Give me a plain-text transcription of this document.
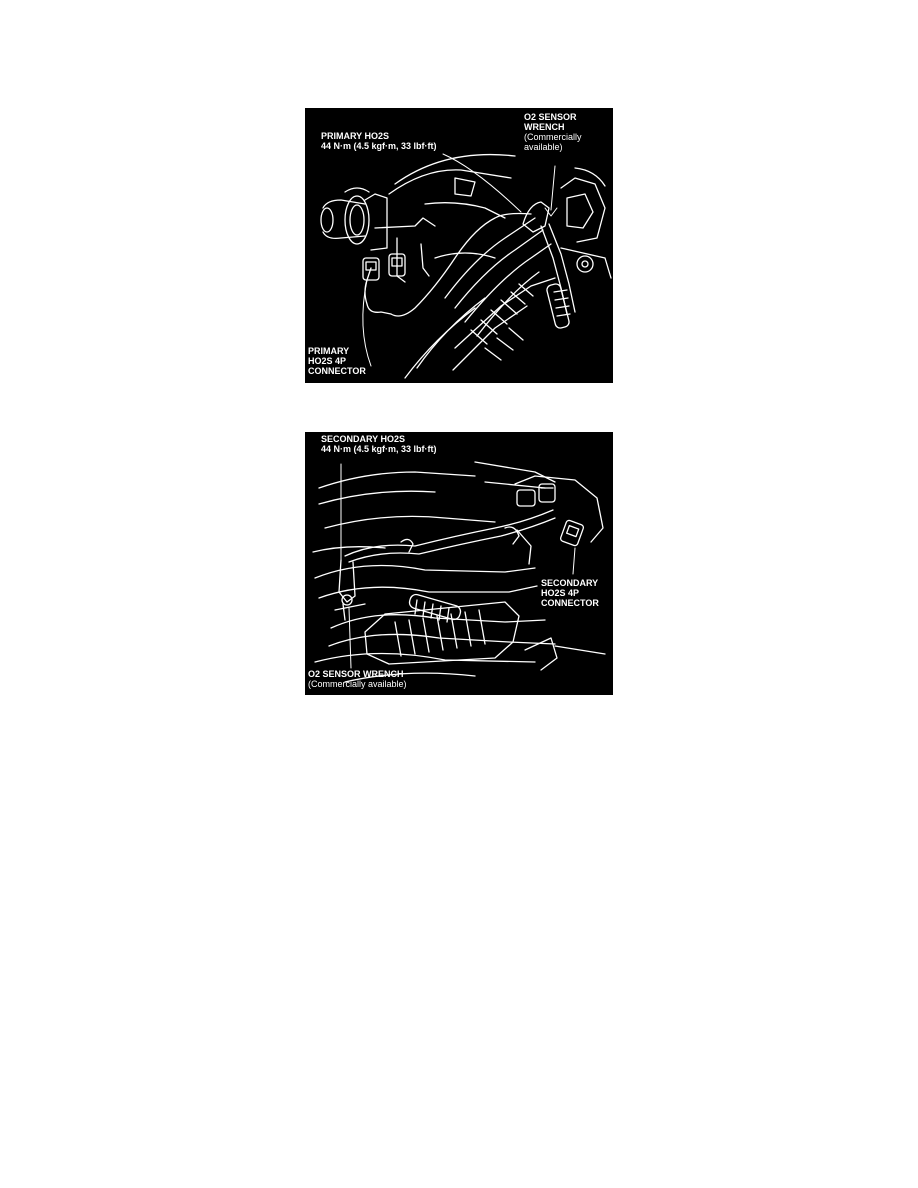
PRIMARY HO2S
44 N·m (4.5 kgf·m, 33 lbf·ft)
O2 SENSOR
WRENCH
(Commercially
available)
PRIMARY
HO2S 4P
CONNECTOR
SECONDARY HO2S
44 N·m (4.5 kgf·m, 33 lbf·ft)
SECONDARY
HO2S 4P
CONNECTOR
O2 SENSOR WRENCH
(Commercially available)
